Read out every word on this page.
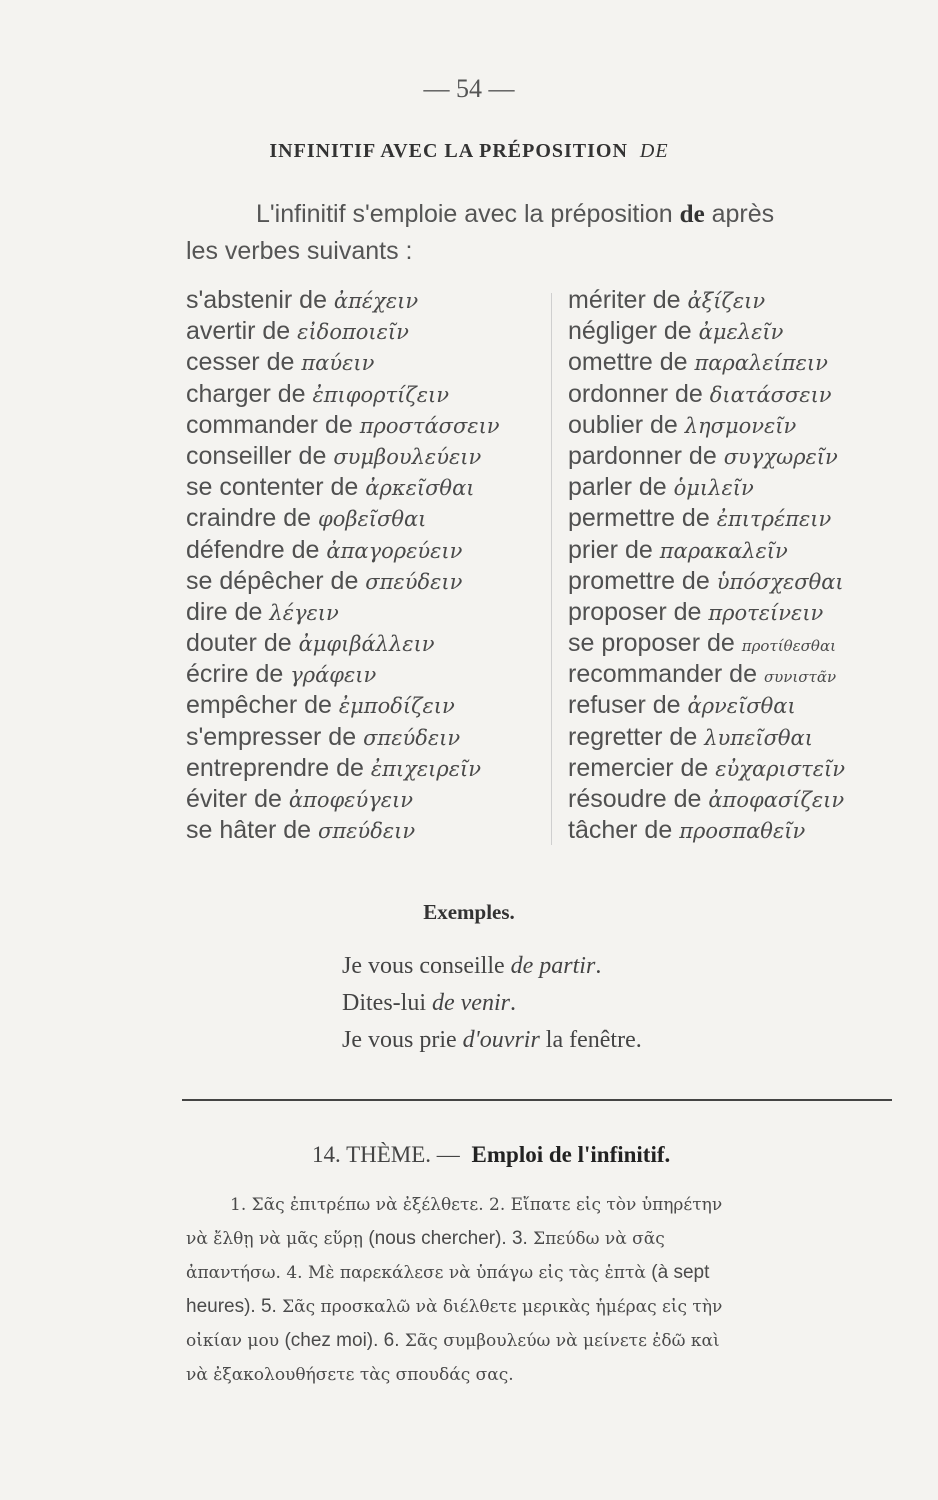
— 54 —
INFINITIF AVEC LA PRÉPOSITION DE
L'infinitif s'emploie avec la préposition de après
les verbes suivants :
s'abstenir de ἀπέχειν
avertir de εἰδοποιεῖν
cesser de παύειν
charger de ἐπιφορτίζειν
commander de προστάσσειν
conseiller de συμβουλεύειν
se contenter de ἀρκεῖσθαι
craindre de φοβεῖσθαι
défendre de ἀπαγορεύειν
se dépêcher de σπεύδειν
dire de λέγειν
douter de ἀμφιβάλλειν
écrire de γράφειν
empêcher de ἐμποδίζειν
s'empresser de σπεύδειν
entreprendre de ἐπιχειρεῖν
éviter de ἀποφεύγειν
se hâter de σπεύδειν
mériter de ἀξίζειν
négliger de ἀμελεῖν
omettre de παραλείπειν
ordonner de διατάσσειν
oublier de λησμονεῖν
pardonner de συγχωρεῖν
parler de ὁμιλεῖν
permettre de ἐπιτρέπειν
prier de παρακαλεῖν
promettre de ὑπόσχεσθαι
proposer de προτείνειν
se proposer de προτίθεσθαι
recommander de συνιστᾶν
refuser de ἀρνεῖσθαι
regretter de λυπεῖσθαι
remercier de εὐχαριστεῖν
résoudre de ἀποφασίζειν
tâcher de προσπαθεῖν
Exemples.
Je vous conseille de partir.
Dites-lui de venir.
Je vous prie d'ouvrir la fenêtre.
14. THÈME. — Emploi de l'infinitif.
1. Σᾶς ἐπιτρέπω νὰ ἐξέλθετε. 2. Εἴπατε εἰς τὸν ὑπηρέτην
νὰ ἔλθῃ νὰ μᾶς εὕρῃ (nous chercher). 3. Σπεύδω νὰ σᾶς
ἀπαντήσω. 4. Μὲ παρεκάλεσε νὰ ὑπάγω εἰς τὰς ἑπτὰ (à sept
heures). 5. Σᾶς προσκαλῶ νὰ διέλθετε μερικὰς ἡμέρας εἰς τὴν
οἰκίαν μου (chez moi). 6. Σᾶς συμβουλεύω νὰ μείνετε ἐδῶ καὶ
νὰ ἐξακολουθήσετε τὰς σπουδάς σας.
